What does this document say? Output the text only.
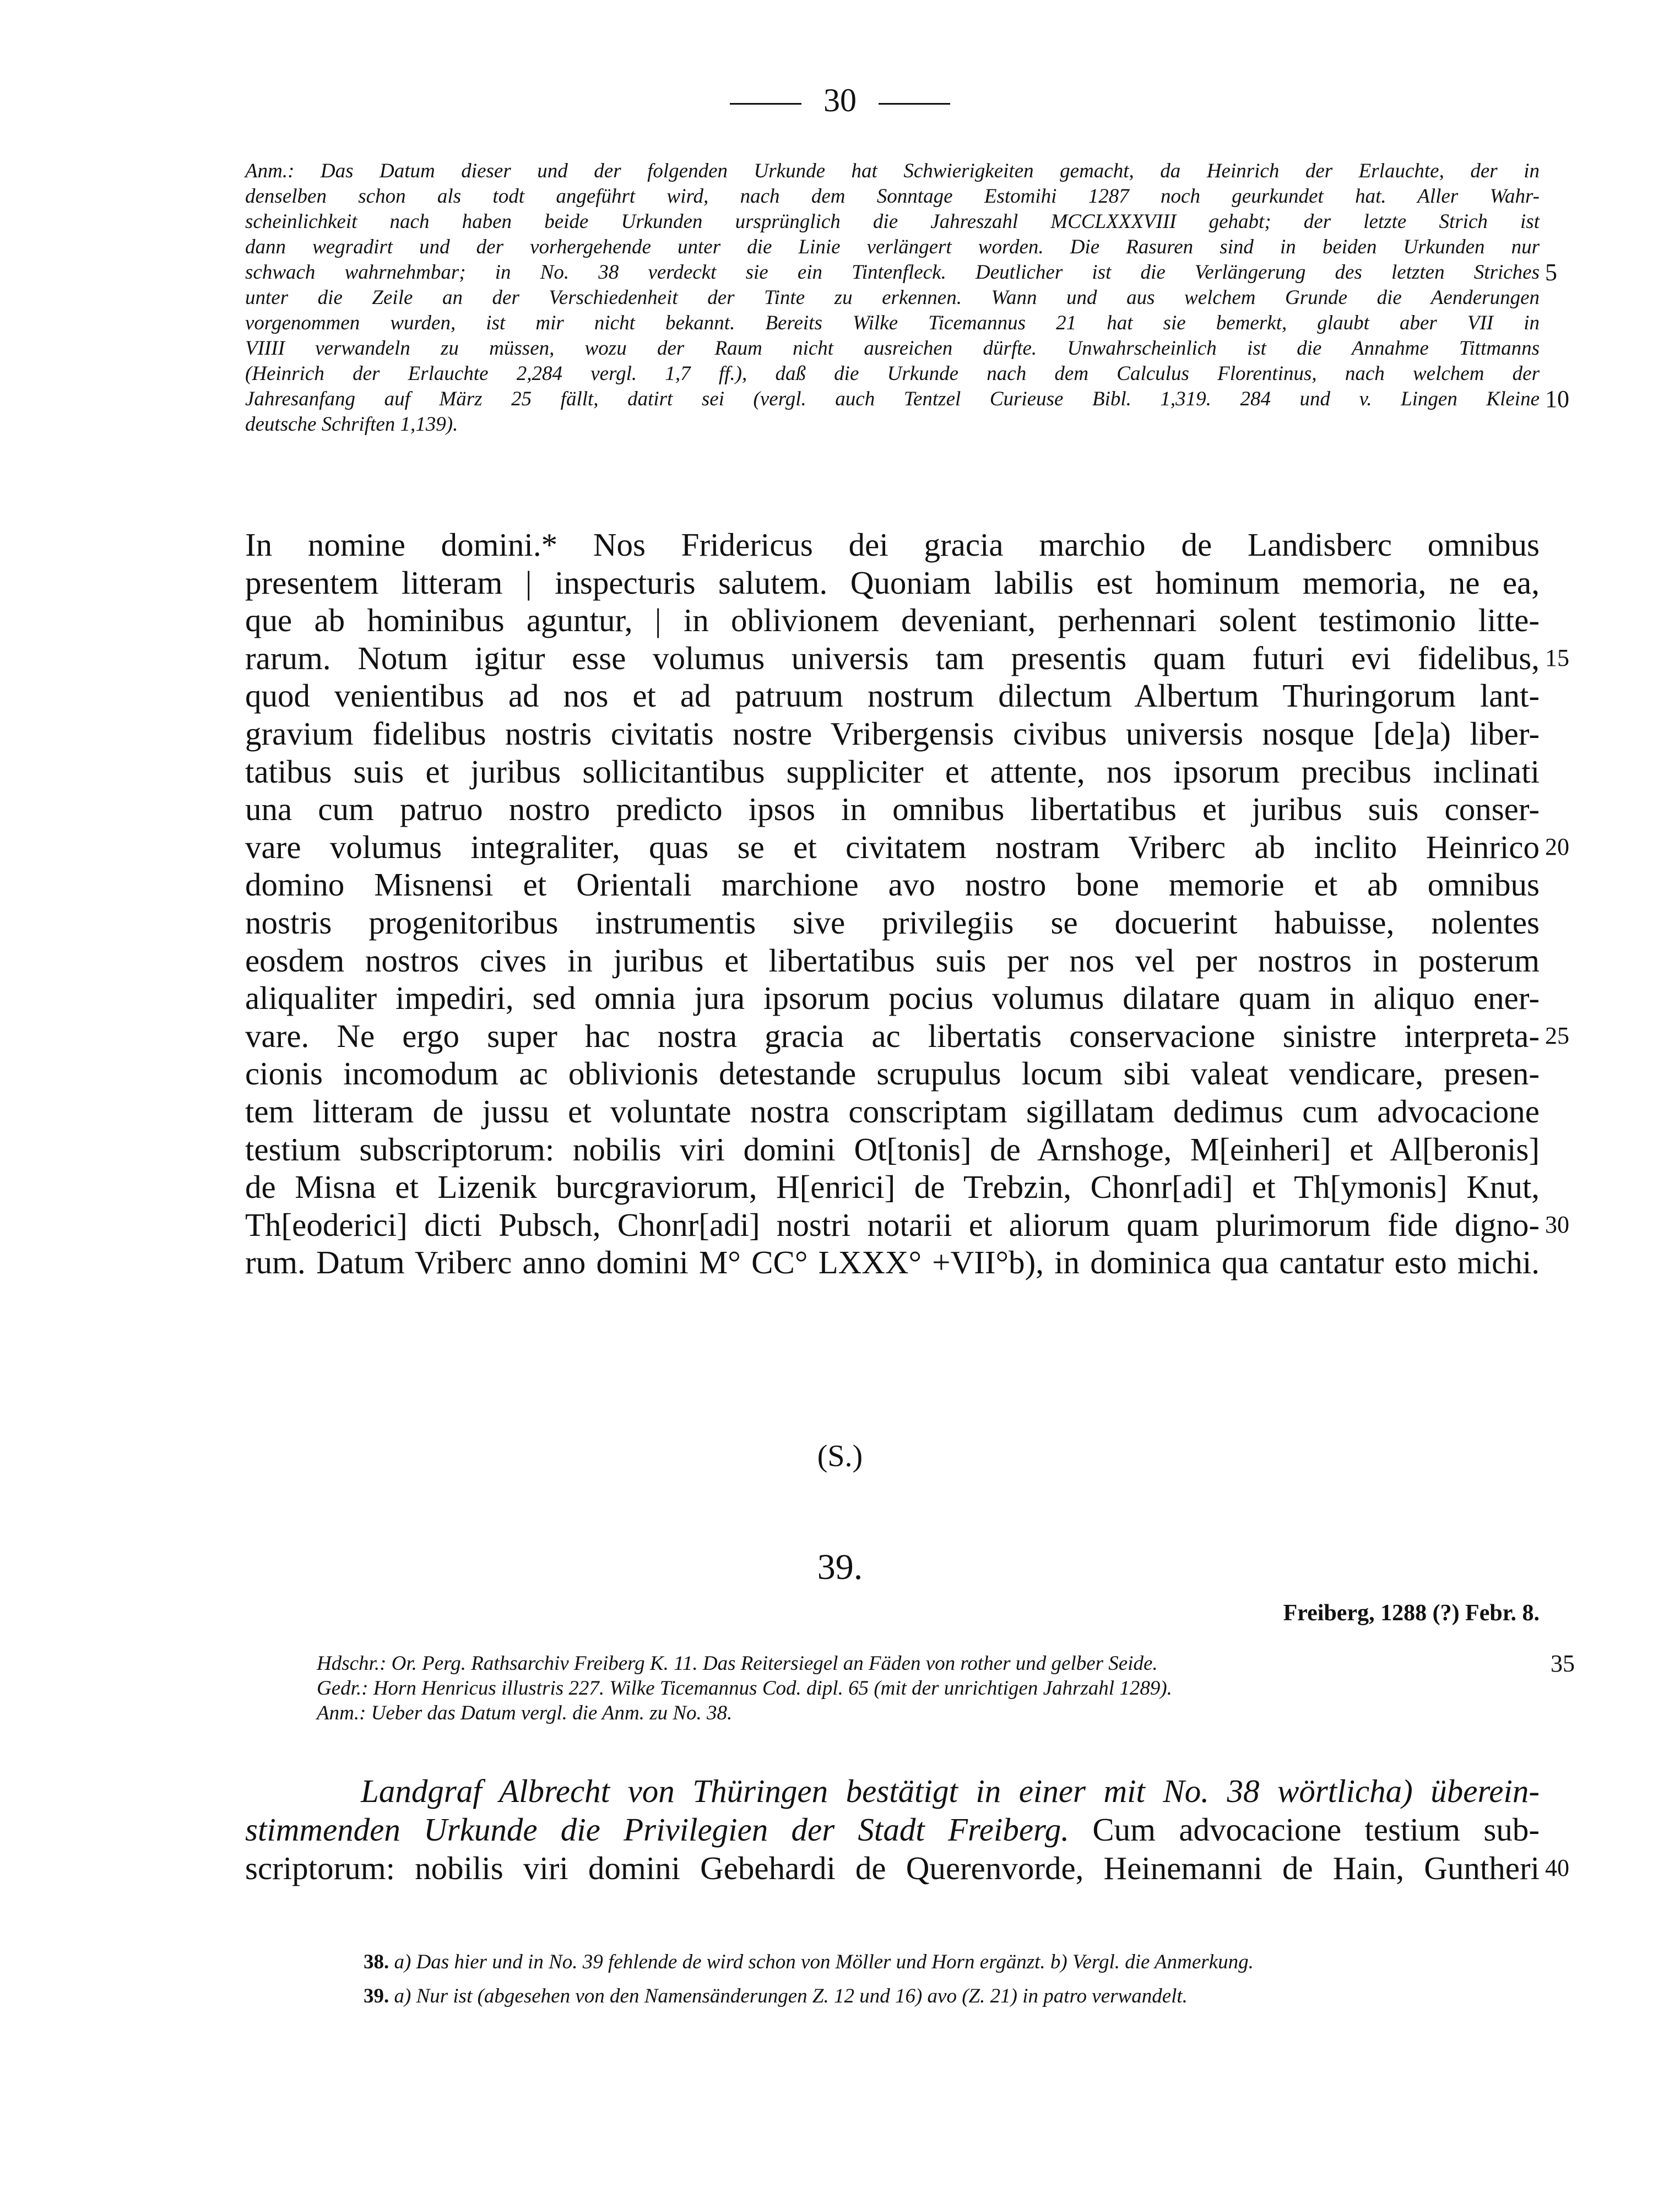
30
Anm.: Das Datum dieser und der folgenden Urkunde hat Schwierigkeiten gemacht, da Heinrich der Erlauchte, der in
denselben schon als todt angeführt wird, nach dem Sonntage Estomihi 1287 noch geurkundet hat. Aller Wahr-
scheinlichkeit nach haben beide Urkunden ursprünglich die Jahreszahl MCCLXXXVIII gehabt; der letzte Strich ist
dann wegradirt und der vorhergehende unter die Linie verlängert worden. Die Rasuren sind in beiden Urkunden nur
schwach wahrnehmbar; in No. 38 verdeckt sie ein Tintenfleck. Deutlicher ist die Verlängerung des letzten Striches 5
unter die Zeile an der Verschiedenheit der Tinte zu erkennen. Wann und aus welchem Grunde die Aenderungen
vorgenommen wurden, ist mir nicht bekannt. Bereits Wilke Ticemannus 21 hat sie bemerkt, glaubt aber VII in
VIIII verwandeln zu müssen, wozu der Raum nicht ausreichen dürfte. Unwahrscheinlich ist die Annahme Tittmanns
(Heinrich der Erlauchte 2,284 vergl. 1,7 ff.), daß die Urkunde nach dem Calculus Florentinus, nach welchem der
Jahresanfang auf März 25 fällt, datirt sei (vergl. auch Tentzel Curieuse Bibl. 1,319. 284 und v. Lingen Kleine 10
deutsche Schriften 1,139).
In nomine domini.* Nos Fridericus dei gracia marchio de Landisberc omnibus
presentem litteram | inspecturis salutem. Quoniam labilis est hominum memoria, ne ea,
que ab hominibus aguntur, | in oblivionem deveniant, perhennari solent testimonio litte-
rarum. Notum igitur esse volumus universis tam presentis quam futuri evi fidelibus, 15
quod venientibus ad nos et ad patruum nostrum dilectum Albertum Thuringorum lant-
gravium fidelibus nostris civitatis nostre Vribergensis civibus universis nosque [de]a) liber-
tatibus suis et juribus sollicitantibus suppliciter et attente, nos ipsorum precibus inclinati
una cum patruo nostro predicto ipsos in omnibus libertatibus et juribus suis conser-
vare volumus integraliter, quas se et civitatem nostram Vriberc ab inclito Heinrico 20
domino Misnensi et Orientali marchione avo nostro bone memorie et ab omnibus
nostris progenitoribus instrumentis sive privilegiis se docuerint habuisse, nolentes
eosdem nostros cives in juribus et libertatibus suis per nos vel per nostros in posterum
aliqualiter impediri, sed omnia jura ipsorum pocius volumus dilatare quam in aliquo ener-
vare. Ne ergo super hac nostra gracia ac libertatis conservacione sinistre interpreta- 25
cionis incomodum ac oblivionis detestande scrupulus locum sibi valeat vendicare, presen-
tem litteram de jussu et voluntate nostra conscriptam sigillatam dedimus cum advocacione
testium subscriptorum: nobilis viri domini Ot[tonis] de Arnshoge, M[einheri] et Al[beronis]
de Misna et Lizenik burcgraviorum, H[enrici] de Trebzin, Chonr[adi] et Th[ymonis] Knut,
Th[eoderici] dicti Pubsch, Chonr[adi] nostri notarii et aliorum quam plurimorum fide digno- 30
rum. Datum Vriberc anno domini M° CC° LXXX° +VII°b), in dominica qua cantatur esto michi.
(S.)
39.
Freiberg, 1288 (?) Febr. 8.
Hdschr.: Or. Perg. Rathsarchiv Freiberg K. 11. Das Reitersiegel an Fäden von rother und gelber Seide.	35
Gedr.: Horn Henricus illustris 227. Wilke Ticemannus Cod. dipl. 65 (mit der unrichtigen Jahrzahl 1289).
Anm.: Ueber das Datum vergl. die Anm. zu No. 38.
Landgraf Albrecht von Thüringen bestätigt in einer mit No. 38 wörtlicha) überein-
stimmenden Urkunde die Privilegien der Stadt Freiberg. Cum advocacione testium sub-
scriptorum: nobilis viri domini Gebehardi de Querenvorde, Heinemanni de Hain, Guntheri 40
38. a) Das hier und in No. 39 fehlende de wird schon von Möller und Horn ergänzt. b) Vergl. die Anmerkung.
39. a) Nur ist (abgesehen von den Namensänderungen Z. 12 und 16) avo (Z. 21) in patro verwandelt.
